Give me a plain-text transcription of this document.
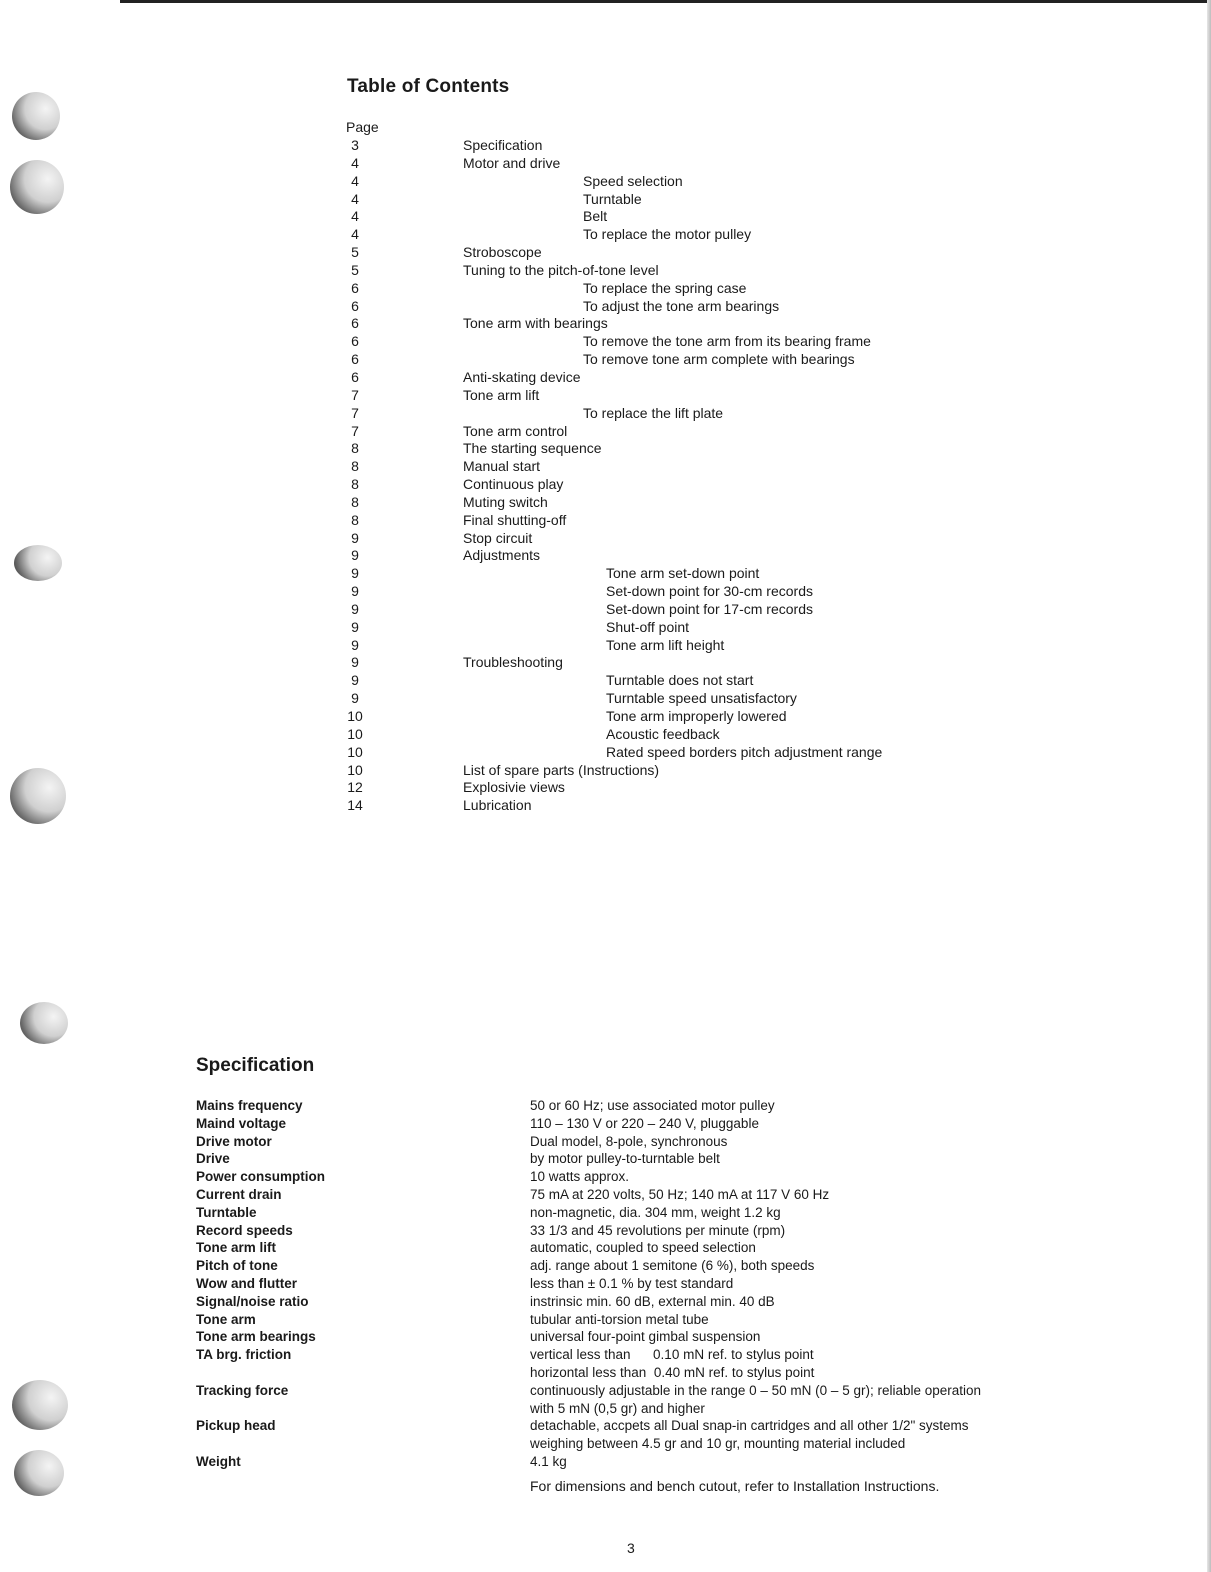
Table of Contents
Page
3	Specification
4	Motor and drive
4	Speed selection
4	Turntable
4	Belt
4	To replace the motor pulley
5	Stroboscope
5	Tuning to the pitch-of-tone level
6	To replace the spring case
6	To adjust the tone arm bearings
6	Tone arm with bearings
6	To remove the tone arm from its bearing frame
6	To remove tone arm complete with bearings
6	Anti-skating device
7	Tone arm lift
7	To replace the lift plate
7	Tone arm control
8	The starting sequence
8	Manual start
8	Continuous play
8	Muting switch
8	Final shutting-off
9	Stop circuit
9	Adjustments
9	Tone arm set-down point
9	Set-down point for 30-cm records
9	Set-down point for 17-cm records
9	Shut-off point
9	Tone arm lift height
9	Troubleshooting
9	Turntable does not start
9	Turntable speed unsatisfactory
10	Tone arm improperly lowered
10	Acoustic feedback
10	Rated speed borders pitch adjustment range
10	List of spare parts (Instructions)
12	Explosivie views
14	Lubrication
Specification
Mains frequency	50 or 60 Hz; use associated motor pulley
Maind voltage	110 – 130 V or 220 – 240 V, pluggable
Drive motor	Dual model, 8-pole, synchronous
Drive	by motor pulley-to-turntable belt
Power consumption	10 watts approx.
Current drain	75 mA at 220 volts, 50 Hz; 140 mA at 117 V 60 Hz
Turntable	non-magnetic, dia. 304 mm, weight 1.2 kg
Record speeds	33 1/3 and 45 revolutions per minute (rpm)
Tone arm lift	automatic, coupled to speed selection
Pitch of tone	adj. range about 1 semitone (6 %), both speeds
Wow and flutter	less than ± 0.1 % by test standard
Signal/noise ratio	instrinsic min. 60 dB, external min. 40 dB
Tone arm	tubular anti-torsion metal tube
Tone arm bearings	universal four-point gimbal suspension
TA brg. friction	vertical less than      0.10 mN ref. to stylus point
horizontal less than  0.40 mN ref. to stylus point
Tracking force	continuously adjustable in the range 0 – 50 mN (0 – 5 gr); reliable operation
with 5 mN (0,5 gr) and higher
Pickup head	detachable, accpets all Dual snap-in cartridges and all other 1/2" systems
weighing between 4.5 gr and 10 gr, mounting material included
Weight	4.1 kg
For dimensions and bench cutout, refer to Installation Instructions.
3
